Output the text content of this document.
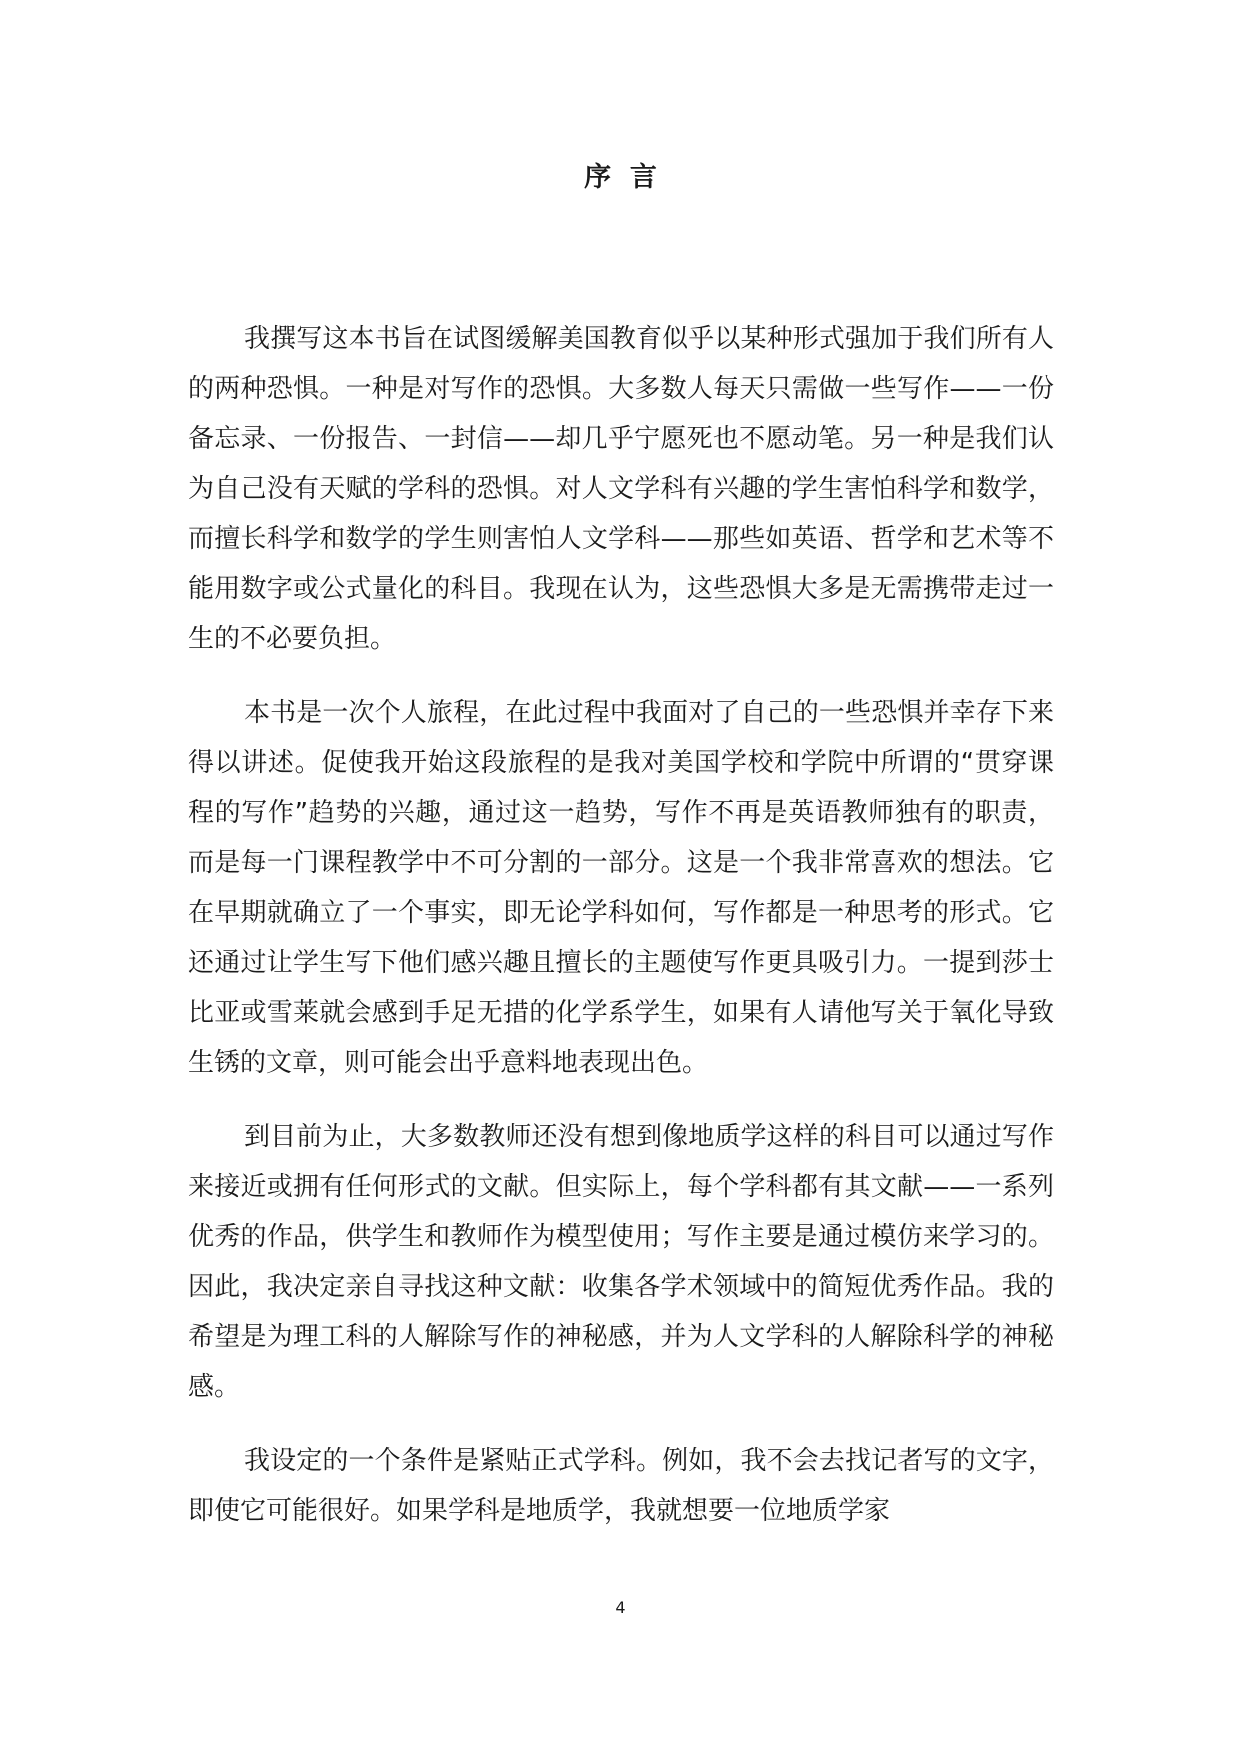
序  言

我撰写这本书旨在试图缓解美国教育似乎以某种形式强加于我们所有人的两种恐惧。一种是对写作的恐惧。大多数人每天只需做一些写作——一份备忘录、一份报告、一封信——却几乎宁愿死也不愿动笔。另一种是我们认为自己没有天赋的学科的恐惧。对人文学科有兴趣的学生害怕科学和数学，而擅长科学和数学的学生则害怕人文学科——那些如英语、哲学和艺术等不能用数字或公式量化的科目。我现在认为，这些恐惧大多是无需携带走过一生的不必要负担。

本书是一次个人旅程，在此过程中我面对了自己的一些恐惧并幸存下来得以讲述。促使我开始这段旅程的是我对美国学校和学院中所谓的“贯穿课程的写作”趋势的兴趣，通过这一趋势，写作不再是英语教师独有的职责，而是每一门课程教学中不可分割的一部分。这是一个我非常喜欢的想法。它在早期就确立了一个事实，即无论学科如何，写作都是一种思考的形式。它还通过让学生写下他们感兴趣且擅长的主题使写作更具吸引力。一提到莎士比亚或雪莱就会感到手足无措的化学系学生，如果有人请他写关于氧化导致生锈的文章，则可能会出乎意料地表现出色。

到目前为止，大多数教师还没有想到像地质学这样的科目可以通过写作来接近或拥有任何形式的文献。但实际上，每个学科都有其文献——一系列优秀的作品，供学生和教师作为模型使用；写作主要是通过模仿来学习的。因此，我决定亲自寻找这种文献：收集各学术领域中的简短优秀作品。我的希望是为理工科的人解除写作的神秘感，并为人文学科的人解除科学的神秘感。

我设定的一个条件是紧贴正式学科。例如，我不会去找记者写的文字，即使它可能很好。如果学科是地质学，我就想要一位地质学家

4
